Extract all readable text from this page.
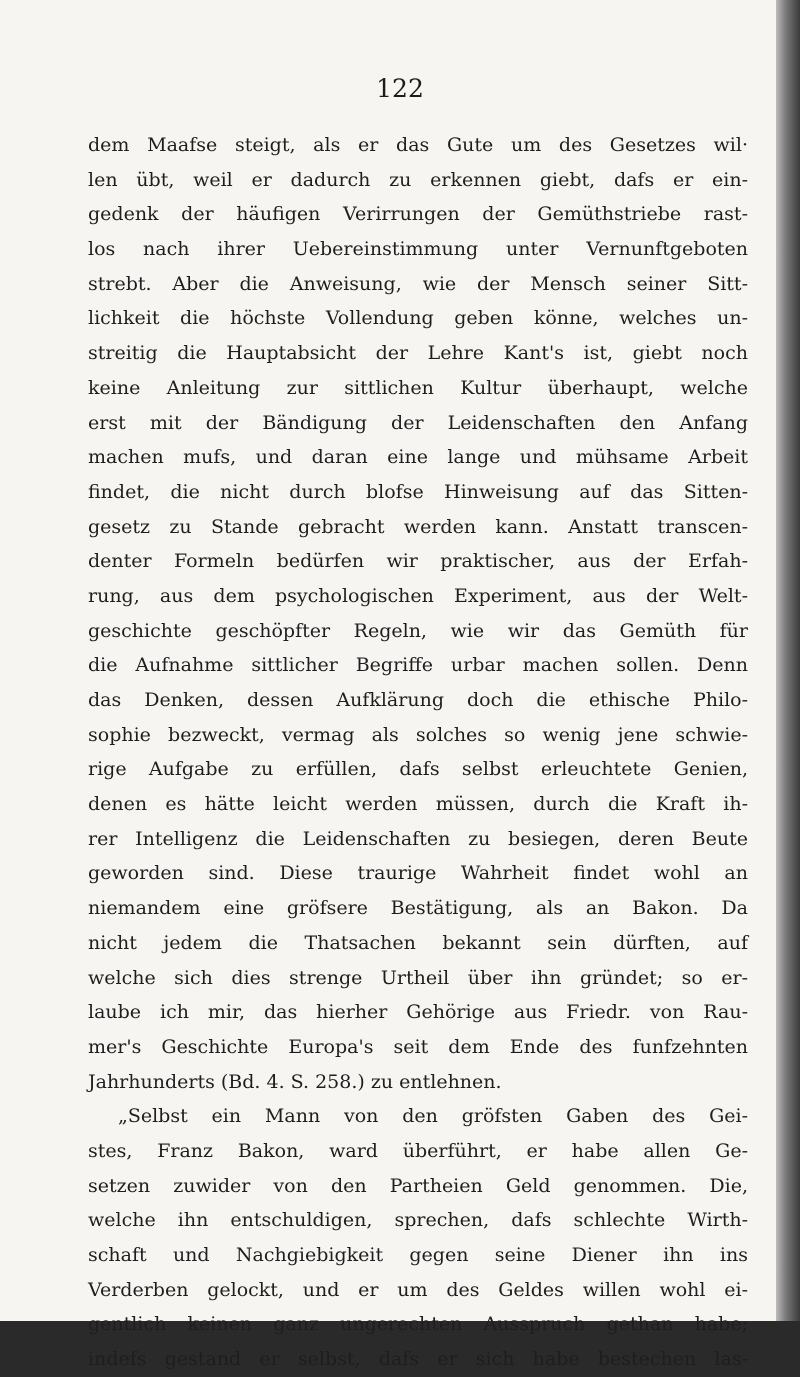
122
dem Maafse steigt, als er das Gute um des Gesetzes wil·
len übt, weil er dadurch zu erkennen giebt, dafs er ein-
gedenk der häufigen Verirrungen der Gemüthstriebe rast-
los nach ihrer Uebereinstimmung unter Vernunftgeboten
strebt. Aber die Anweisung, wie der Mensch seiner Sitt-
lichkeit die höchste Vollendung geben könne, welches un-
streitig die Hauptabsicht der Lehre Kant's ist, giebt noch
keine Anleitung zur sittlichen Kultur überhaupt, welche
erst mit der Bändigung der Leidenschaften den Anfang
machen mufs, und daran eine lange und mühsame Arbeit
findet, die nicht durch blofse Hinweisung auf das Sitten-
gesetz zu Stande gebracht werden kann. Anstatt transcen-
denter Formeln bedürfen wir praktischer, aus der Erfah-
rung, aus dem psychologischen Experiment, aus der Welt-
geschichte geschöpfter Regeln, wie wir das Gemüth für
die Aufnahme sittlicher Begriffe urbar machen sollen. Denn
das Denken, dessen Aufklärung doch die ethische Philo-
sophie bezweckt, vermag als solches so wenig jene schwie-
rige Aufgabe zu erfüllen, dafs selbst erleuchtete Genien,
denen es hätte leicht werden müssen, durch die Kraft ih-
rer Intelligenz die Leidenschaften zu besiegen, deren Beute
geworden sind. Diese traurige Wahrheit findet wohl an
niemandem eine gröfsere Bestätigung, als an Bakon. Da
nicht jedem die Thatsachen bekannt sein dürften, auf
welche sich dies strenge Urtheil über ihn gründet; so er-
laube ich mir, das hierher Gehörige aus Friedr. von Rau-
mer's Geschichte Europa's seit dem Ende des funfzehnten
Jahrhunderts (Bd. 4. S. 258.) zu entlehnen.
„Selbst ein Mann von den gröfsten Gaben des Gei-
stes, Franz Bakon, ward überführt, er habe allen Ge-
setzen zuwider von den Partheien Geld genommen. Die,
welche ihn entschuldigen, sprechen, dafs schlechte Wirth-
schaft und Nachgiebigkeit gegen seine Diener ihn ins
Verderben gelockt, und er um des Geldes willen wohl ei-
gentlich keinen ganz ungerechten Ausspruch gethan habe;
indefs gestand er selbst, dafs er sich habe bestechen las-
